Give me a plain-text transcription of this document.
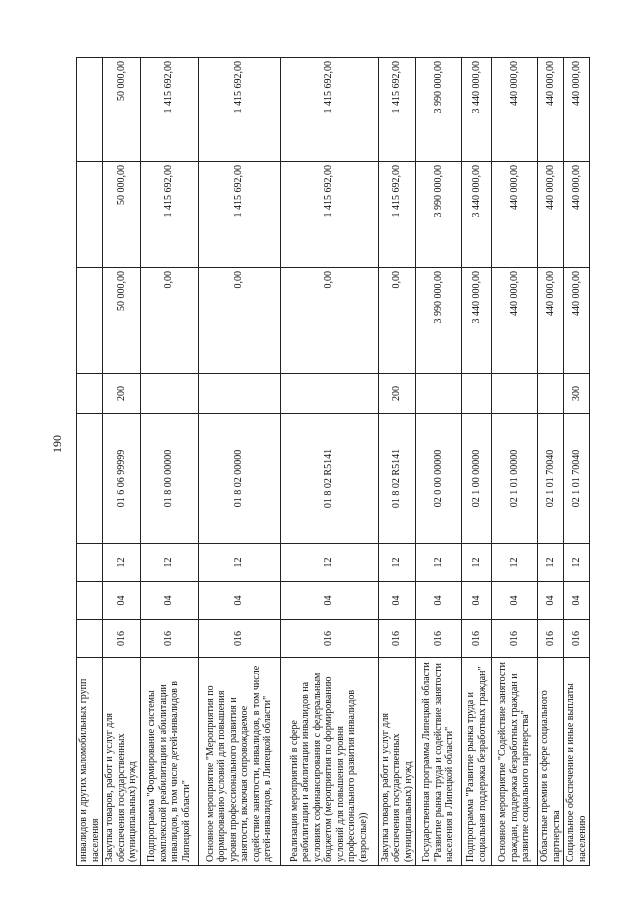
190
инвалидов и других маломобильных групп населения								
Закупка товаров, работ и услуг для обеспечения государственных (муниципальных) нужд	016	04	12	01 6 06 99999	200	50 000,00	50 000,00	50 000,00
Подпрограмма "Формирование системы комплексной реабилитации и абилитации инвалидов, в том числе детей-инвалидов в Липецкой области"	016	04	12	01 8 00 00000		0,00	1 415 692,00	1 415 692,00
Основное мероприятие "Мероприятия по формированию условий для повышения уровня профессионального развития и занятости, включая сопровождаемое содействие занятости, инвалидов, в том числе детей-инвалидов, в Липецкой области"	016	04	12	01 8 02 00000		0,00	1 415 692,00	1 415 692,00
Реализация мероприятий в сфере реабилитации и абилитации инвалидов на условиях софинансирования с федеральным бюджетом (мероприятия по формированию условий для повышения уровня профессионального развития инвалидов (взрослые))	016	04	12	01 8 02 R5141		0,00	1 415 692,00	1 415 692,00
Закупка товаров, работ и услуг для обеспечения государственных (муниципальных) нужд	016	04	12	01 8 02 R5141	200	0,00	1 415 692,00	1 415 692,00
Государственная программа Липецкой области "Развитие рынка труда и содействие занятости населения в Липецкой области"	016	04	12	02 0 00 00000		3 990 000,00	3 990 000,00	3 990 000,00
Подпрограмма "Развитие рынка труда и социальная поддержка безработных граждан"	016	04	12	02 1 00 00000		3 440 000,00	3 440 000,00	3 440 000,00
Основное мероприятие "Содействие занятости граждан, поддержка безработных граждан и развитие социального партнерства"	016	04	12	02 1 01 00000		440 000,00	440 000,00	440 000,00
Областные премии в сфере социального партнерства	016	04	12	02 1 01 70040		440 000,00	440 000,00	440 000,00
Социальное обеспечение и иные выплаты населению	016	04	12	02 1 01 70040	300	440 000,00	440 000,00	440 000,00
